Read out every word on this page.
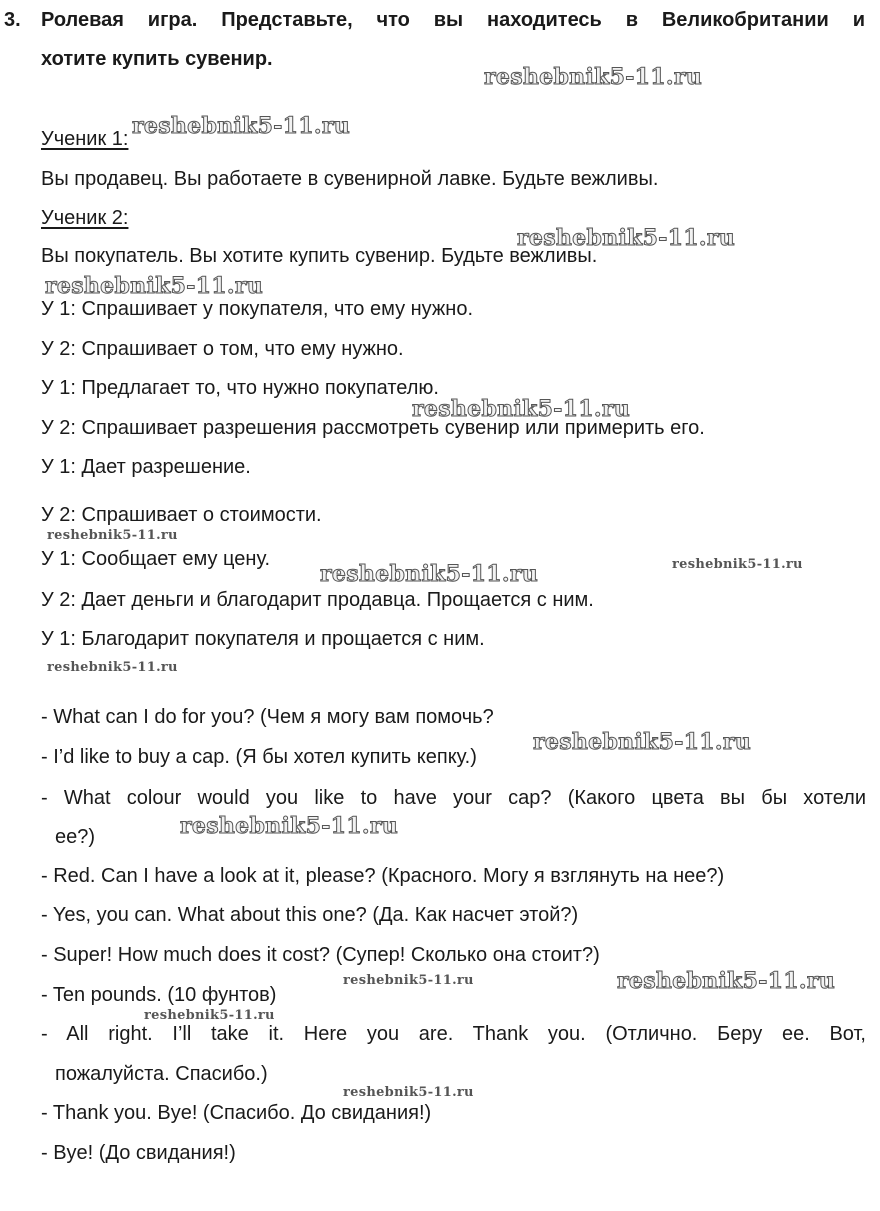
3. Ролевая игра. Представьте, что вы находитесь в Великобритании и
хотите купить сувенир.
Ученик 1:
Вы продавец. Вы работаете в сувенирной лавке. Будьте вежливы.
Ученик 2:
Вы покупатель. Вы хотите купить сувенир. Будьте вежливы.
У 1: Спрашивает у покупателя, что ему нужно.
У 2: Спрашивает о том, что ему нужно.
У 1: Предлагает то, что нужно покупателю.
У 2: Спрашивает разрешения рассмотреть сувенир или примерить его.
У 1: Дает разрешение.
У 2: Спрашивает о стоимости.
У 1: Сообщает ему цену.
У 2: Дает деньги и благодарит продавца. Прощается с ним.
У 1: Благодарит покупателя и прощается с ним.
- What can I do for you? (Чем я могу вам помочь?
- I’d like to buy a cap. (Я бы хотел купить кепку.)
- What colour would you like to have your cap? (Какого цвета вы бы хотели
ее?)
- Red. Can I have a look at it, please? (Красного. Могу я взглянуть на нее?)
- Yes, you can. What about this one? (Да. Как насчет этой?)
- Super! How much does it cost? (Супер! Сколько она стоит?)
- Ten pounds. (10 фунтов)
- All right. I’ll take it. Here you are. Thank you. (Отлично. Беру ее. Вот,
пожалуйста. Спасибо.)
- Thank you. Bye! (Спасибо. До свидания!)
- Bye! (До свидания!)
reshebnik5-11.ru
reshebnik5-11.ru
reshebnik5-11.ru
reshebnik5-11.ru
reshebnik5-11.ru
reshebnik5-11.ru
reshebnik5-11.ru	reshebnik5-11.ru
reshebnik5-11.ru
reshebnik5-11.ru
reshebnik5-11.ru
reshebnik5-11.ru	reshebnik5-11.ru
reshebnik5-11.ru
reshebnik5-11.ru
